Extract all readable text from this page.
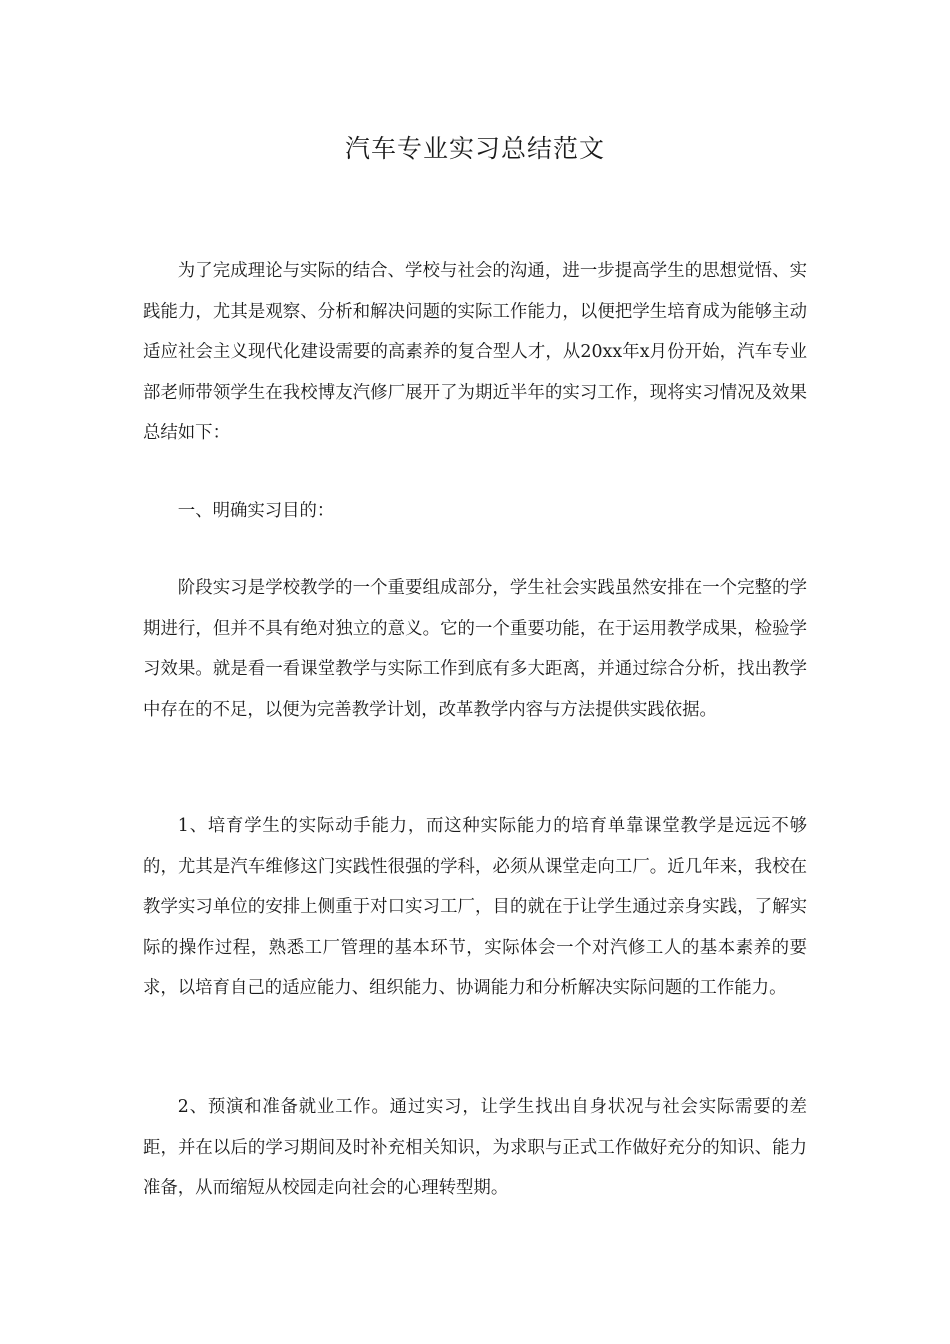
汽车专业实习总结范文

为了完成理论与实际的结合、学校与社会的沟通，进一步提高学生的思想觉悟、实践能力，尤其是观察、分析和解决问题的实际工作能力，以便把学生培育成为能够主动适应社会主义现代化建设需要的高素养的复合型人才，从20xx年x月份开始，汽车专业部老师带领学生在我校博友汽修厂展开了为期近半年的实习工作，现将实习情况及效果总结如下：

一、明确实习目的：

阶段实习是学校教学的一个重要组成部分，学生社会实践虽然安排在一个完整的学期进行，但并不具有绝对独立的意义。它的一个重要功能，在于运用教学成果，检验学习效果。就是看一看课堂教学与实际工作到底有多大距离，并通过综合分析，找出教学中存在的不足，以便为完善教学计划，改革教学内容与方法提供实践依据。

1、培育学生的实际动手能力，而这种实际能力的培育单靠课堂教学是远远不够的，尤其是汽车维修这门实践性很强的学科，必须从课堂走向工厂。近几年来，我校在教学实习单位的安排上侧重于对口实习工厂，目的就在于让学生通过亲身实践，了解实际的操作过程，熟悉工厂管理的基本环节，实际体会一个对汽修工人的基本素养的要求，以培育自己的适应能力、组织能力、协调能力和分析解决实际问题的工作能力。

2、预演和准备就业工作。通过实习，让学生找出自身状况与社会实际需要的差距，并在以后的学习期间及时补充相关知识，为求职与正式工作做好充分的知识、能力准备，从而缩短从校园走向社会的心理转型期。
